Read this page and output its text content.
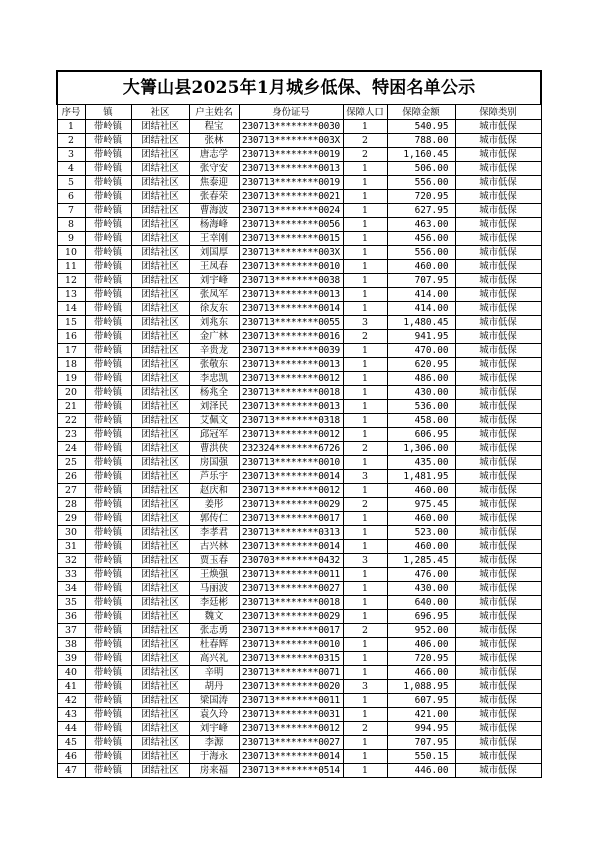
大箐山县2025年1月城乡低保、特困名单公示							
序号	镇	社区	户主姓名	身份证号	保障人口	保障金额	保障类别
1	带岭镇	团结社区	程宝	230713********0030	1	540.95	城市低保
2	带岭镇	团结社区	张林	230713********003X	2	788.00	城市低保
3	带岭镇	团结社区	唐志学	230713********0019	2	1,160.45	城市低保
4	带岭镇	团结社区	张守安	230713********0013	1	506.00	城市低保
5	带岭镇	团结社区	焦泰迎	230713********0019	1	556.00	城市低保
6	带岭镇	团结社区	张春荣	230713********0021	1	720.95	城市低保
7	带岭镇	团结社区	曹海波	230713********0024	1	627.95	城市低保
8	带岭镇	团结社区	杨海峰	230713********0056	1	463.00	城市低保
9	带岭镇	团结社区	王幸刚	230713********0015	1	456.00	城市低保
10	带岭镇	团结社区	刘国厚	230713********003X	1	556.00	城市低保
11	带岭镇	团结社区	王凤春	230713********0010	1	460.00	城市低保
12	带岭镇	团结社区	刘宇峰	230713********0038	1	707.95	城市低保
13	带岭镇	团结社区	张凤军	230713********0013	1	414.00	城市低保
14	带岭镇	团结社区	徐友东	230713********0014	1	414.00	城市低保
15	带岭镇	团结社区	刘兆东	230713********0055	3	1,480.45	城市低保
16	带岭镇	团结社区	金广林	230713********0016	2	941.95	城市低保
17	带岭镇	团结社区	辛贵龙	230713********0039	1	470.00	城市低保
18	带岭镇	团结社区	张敬东	230713********0013	1	620.95	城市低保
19	带岭镇	团结社区	李忠凯	230713********0012	1	486.00	城市低保
20	带岭镇	团结社区	杨兆全	230713********0018	1	430.00	城市低保
21	带岭镇	团结社区	刘泽民	230713********0013	1	536.00	城市低保
22	带岭镇	团结社区	艾佩文	230713********0318	1	458.00	城市低保
23	带岭镇	团结社区	邱冠军	230713********0012	1	606.95	城市低保
24	带岭镇	团结社区	曹洪侠	232324********6726	2	1,306.00	城市低保
25	带岭镇	团结社区	房国强	230713********0010	1	435.00	城市低保
26	带岭镇	团结社区	芦乐宇	230713********0014	3	1,481.95	城市低保
27	带岭镇	团结社区	赵庆和	230713********0012	1	460.00	城市低保
28	带岭镇	团结社区	姜彤	230713********0029	2	975.45	城市低保
29	带岭镇	团结社区	郭传仁	230713********0017	1	460.00	城市低保
30	带岭镇	团结社区	李孝君	230713********0313	1	523.00	城市低保
31	带岭镇	团结社区	古兴林	230713********0014	1	460.00	城市低保
32	带岭镇	团结社区	贾玉春	230703********0432	3	1,285.45	城市低保
33	带岭镇	团结社区	王焕强	230713********0011	1	476.00	城市低保
34	带岭镇	团结社区	马丽波	230713********0027	1	430.00	城市低保
35	带岭镇	团结社区	李廷彬	230713********0018	1	640.00	城市低保
36	带岭镇	团结社区	魏文	230713********0029	1	696.95	城市低保
37	带岭镇	团结社区	张志勇	230713********0017	2	952.00	城市低保
38	带岭镇	团结社区	杜春辉	230713********0010	1	406.00	城市低保
39	带岭镇	团结社区	高兴礼	230713********0315	1	720.95	城市低保
40	带岭镇	团结社区	辛明	230713********0071	1	466.00	城市低保
41	带岭镇	团结社区	胡丹	230713********0020	3	1,088.95	城市低保
42	带岭镇	团结社区	梁国涛	230713********0011	1	607.95	城市低保
43	带岭镇	团结社区	袁久玲	230713********0031	1	421.00	城市低保
44	带岭镇	团结社区	刘宇峰	230713********0012	2	994.95	城市低保
45	带岭镇	团结社区	李源	230713********0027	1	707.95	城市低保
46	带岭镇	团结社区	于海永	230713********0014	1	550.15	城市低保
47	带岭镇	团结社区	房来福	230713********0514	1	446.00	城市低保
